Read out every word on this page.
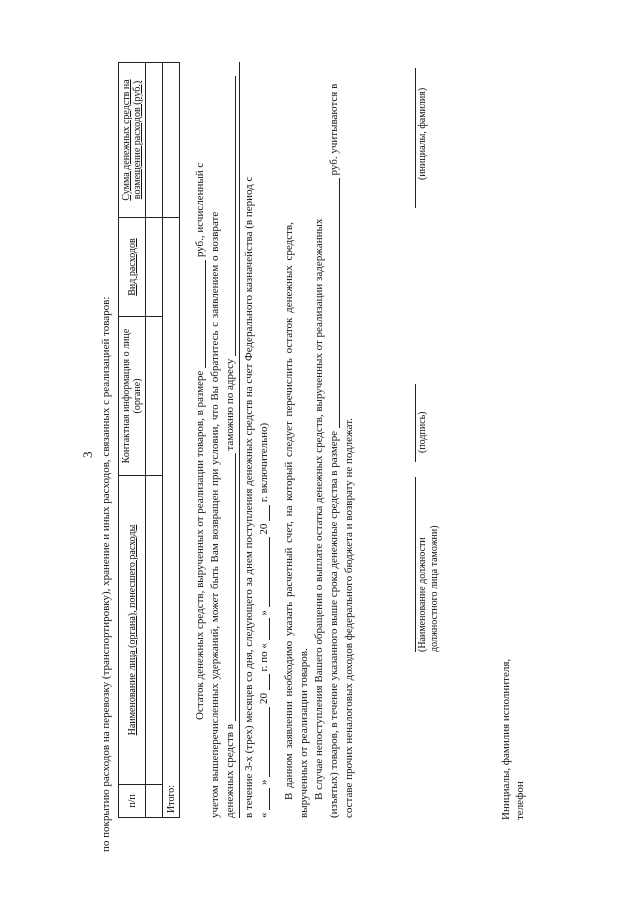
3 по покрытию расходов на перевозку (транспортировку), хранение и иных расходов, связанных с реализацией товаров: п/п	Наименование лица (органа), понесшего расходы	Контактная информация о лице (органе)	Вид расходов	Сумма денежных средств на возмещение расходов (руб.)

Итого:				
Остаток денежных средств, вырученных от реализации товаров, в размере  руб., исчисленный с
учетом вышеперечисленных удержаний, может быть Вам возвращен при условии, что Вы обратитесь с заявлением о возврате денежных средств в  таможню по адресу в течение 3-х (трех) месяцев со дня, следующего за днем поступления денежных средств на счет Федерального казначейства (в период с «  »  20  г. по «  »  20  г. включительно) В данном заявлении необходимо указать расчетный счет, на который следует перечислить остаток денежных средств, вырученных от реализации товаров. В случае непоступления Вашего обращения о выплате остатка денежных средств, вырученных от реализации задержанных (изъятых) товаров, в течение указанного выше срока денежные средства в размере  руб. учитываются в
составе прочих неналоговых доходов федерального бюджета и возврату не подлежат.	(Наименование должности должностного лица таможни)
(подпись)
(инициалы, фамилия)
Инициалы, фамилия исполнителя, телефон
